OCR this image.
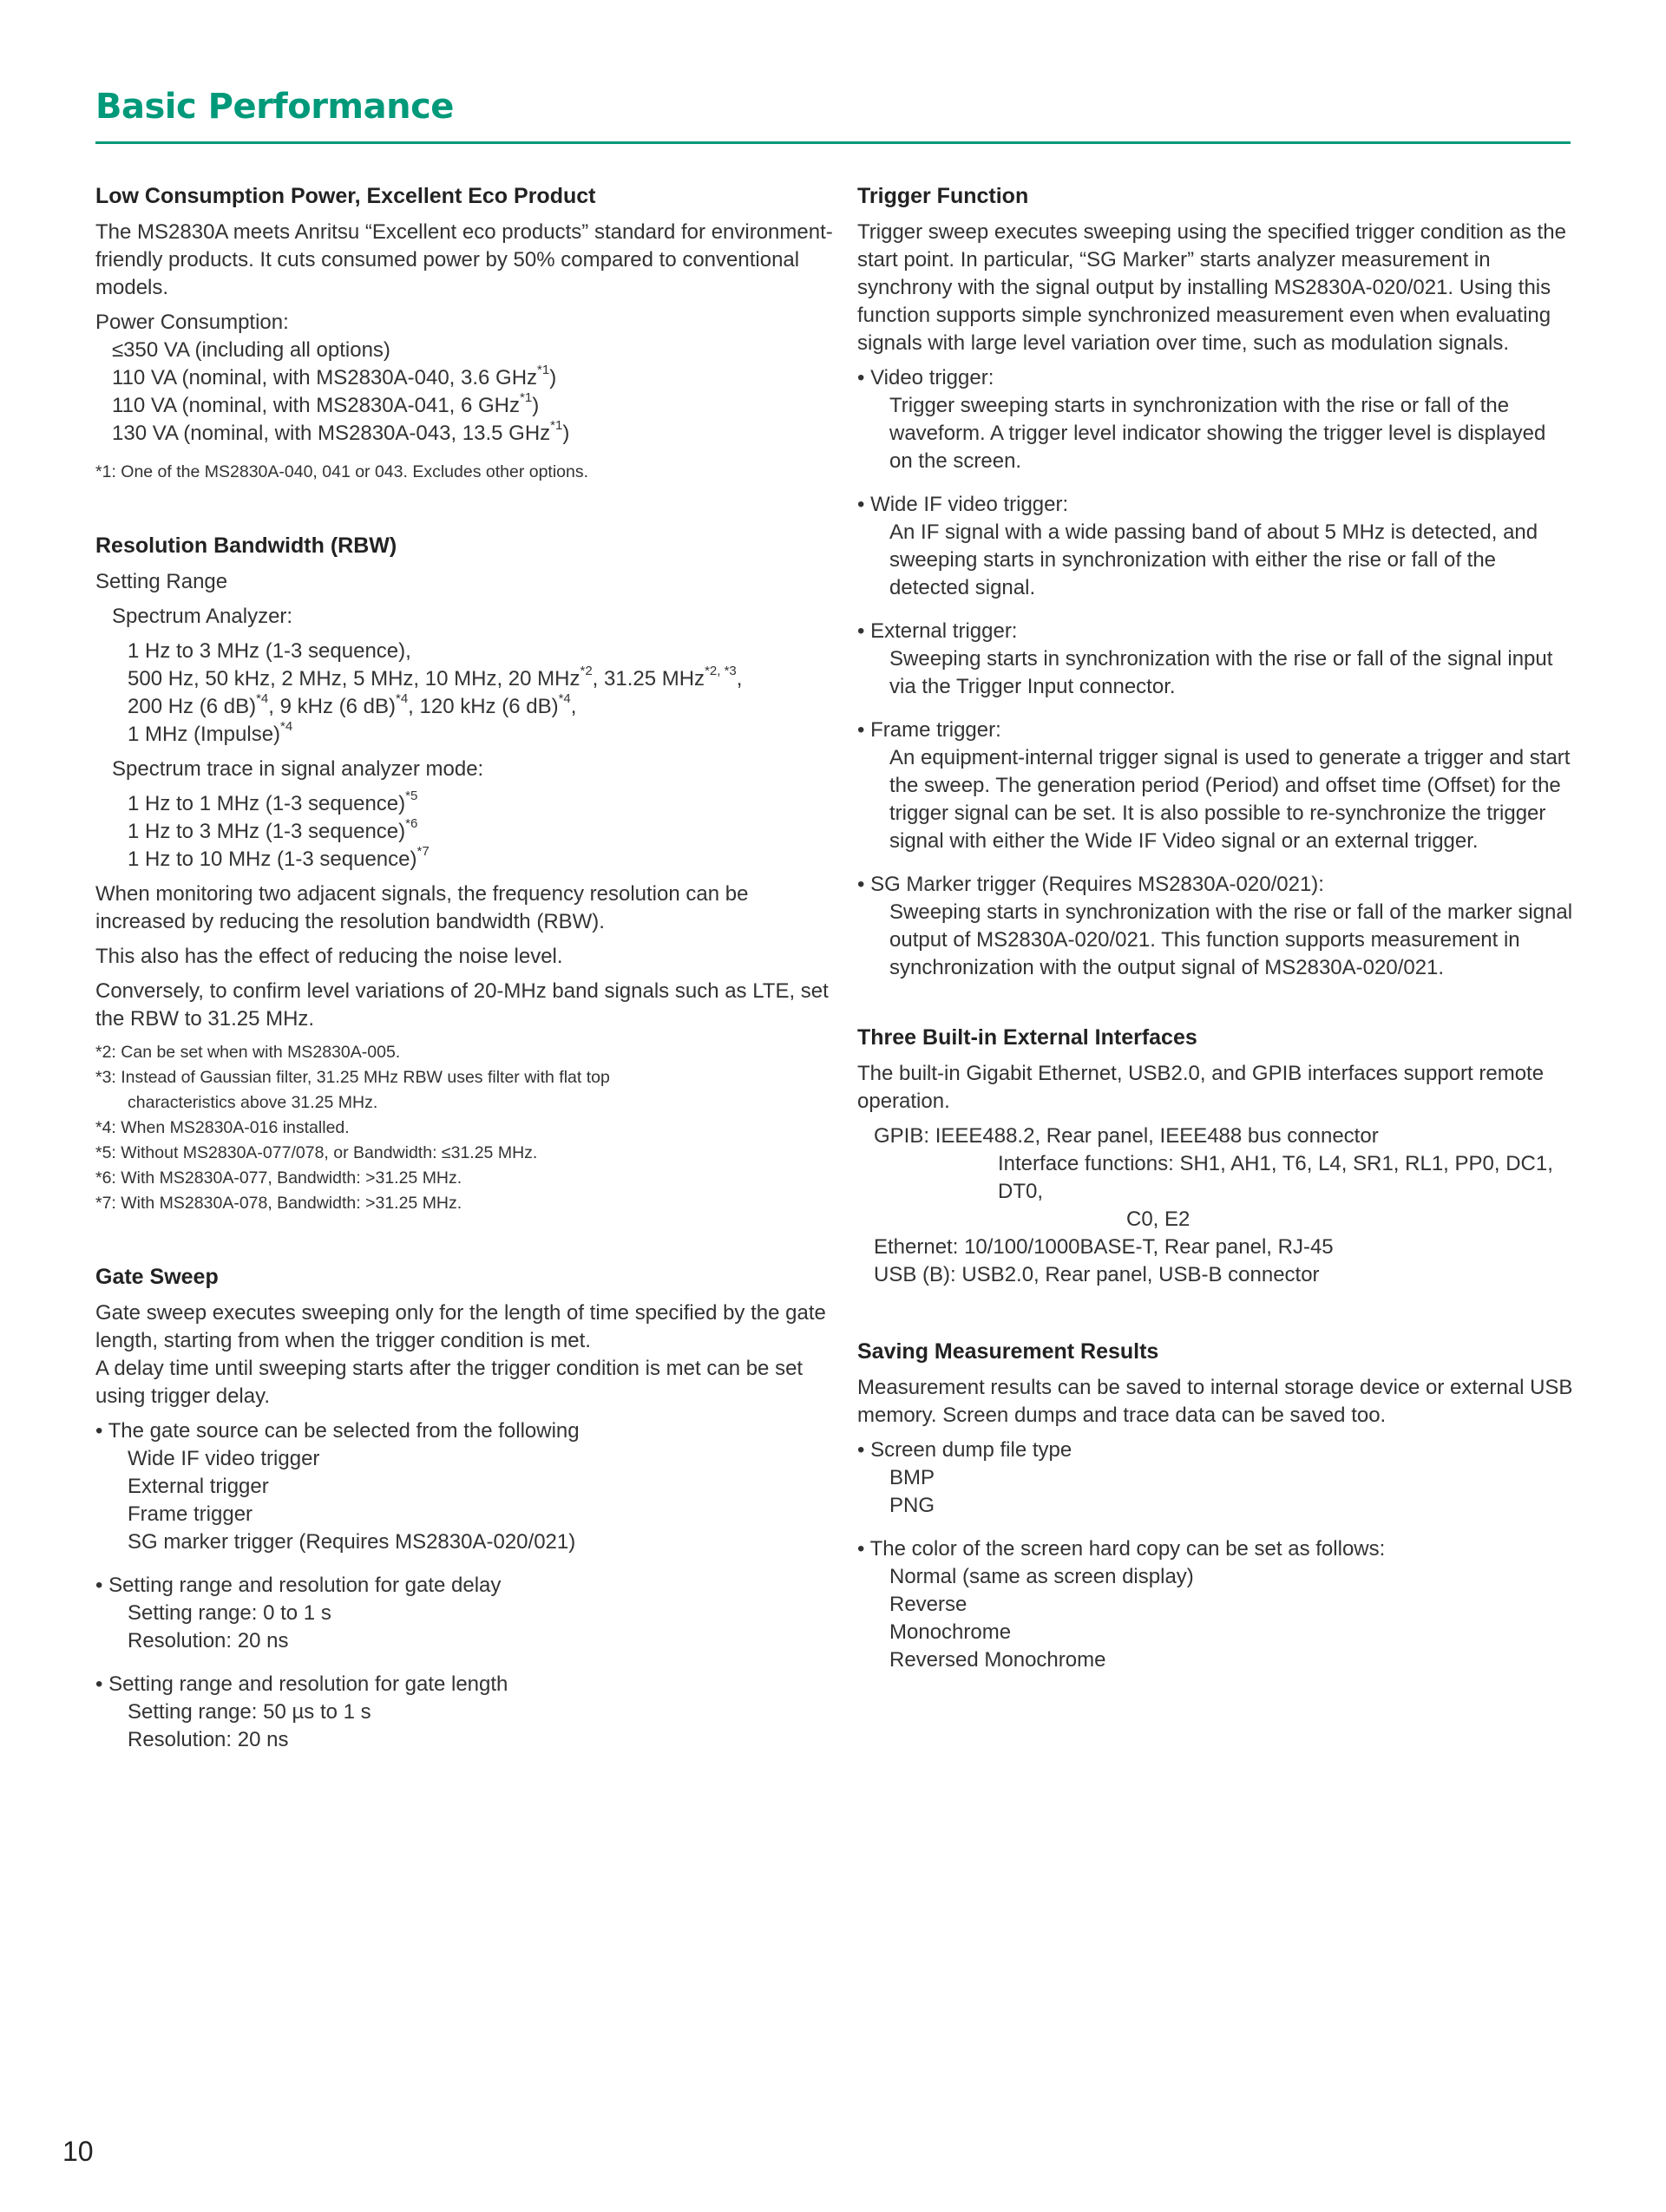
Basic Performance
Low Consumption Power, Excellent Eco Product
The MS2830A meets Anritsu “Excellent eco products” standard for environment-friendly products. It cuts consumed power by 50% compared to conventional models.
Power Consumption:
≤350 VA (including all options)
110 VA (nominal, with MS2830A-040, 3.6 GHz$^{*1}$)
110 VA (nominal, with MS2830A-041, 6 GHz$^{*1}$)
130 VA (nominal, with MS2830A-043, 13.5 GHz$^{*1}$)
*1: One of the MS2830A-040, 041 or 043. Excludes other options.
Resolution Bandwidth (RBW)
Setting Range
Spectrum Analyzer:
1 Hz to 3 MHz (1-3 sequence),
500 Hz, 50 kHz, 2 MHz, 5 MHz, 10 MHz, 20 MHz$^{*2}$, 31.25 MHz$^{*2, *3}$,
200 Hz (6 dB)$^{*4}$, 9 kHz (6 dB)$^{*4}$, 120 kHz (6 dB)$^{*4}$,
1 MHz (Impulse)$^{*4}$
Spectrum trace in signal analyzer mode:
1 Hz to 1 MHz (1-3 sequence)$^{*5}$
1 Hz to 3 MHz (1-3 sequence)$^{*6}$
1 Hz to 10 MHz (1-3 sequence)$^{*7}$
When monitoring two adjacent signals, the frequency resolution can be increased by reducing the resolution bandwidth (RBW).
This also has the effect of reducing the noise level.
Conversely, to confirm level variations of 20-MHz band signals such as LTE, set the RBW to 31.25 MHz.
*2: Can be set when with MS2830A-005.
*3: Instead of Gaussian filter, 31.25 MHz RBW uses filter with flat top
characteristics above 31.25 MHz.
*4: When MS2830A-016 installed.
*5: Without MS2830A-077/078, or Bandwidth: ≤31.25 MHz.
*6: With MS2830A-077, Bandwidth: >31.25 MHz.
*7: With MS2830A-078, Bandwidth: >31.25 MHz.
Gate Sweep
Gate sweep executes sweeping only for the length of time specified by the gate length, starting from when the trigger condition is met.
A delay time until sweeping starts after the trigger condition is met can be set using trigger delay.
• The gate source can be selected from the following
Wide IF video trigger
External trigger
Frame trigger
SG marker trigger (Requires MS2830A-020/021)
• Setting range and resolution for gate delay
Setting range: 0 to 1 s
Resolution: 20 ns
• Setting range and resolution for gate length
Setting range: 50 µs to 1 s
Resolution: 20 ns
Trigger Function
Trigger sweep executes sweeping using the specified trigger condition as the start point. In particular, “SG Marker” starts analyzer measurement in synchrony with the signal output by installing MS2830A-020/021. Using this function supports simple synchronized measurement even when evaluating signals with large level variation over time, such as modulation signals.
• Video trigger:
Trigger sweeping starts in synchronization with the rise or fall of the waveform. A trigger level indicator showing the trigger level is displayed on the screen.
• Wide IF video trigger:
An IF signal with a wide passing band of about 5 MHz is detected, and sweeping starts in synchronization with either the rise or fall of the detected signal.
• External trigger:
Sweeping starts in synchronization with the rise or fall of the signal input via the Trigger Input connector.
• Frame trigger:
An equipment-internal trigger signal is used to generate a trigger and start the sweep. The generation period (Period) and offset time (Offset) for the trigger signal can be set. It is also possible to re-synchronize the trigger signal with either the Wide IF Video signal or an external trigger.
• SG Marker trigger (Requires MS2830A-020/021):
Sweeping starts in synchronization with the rise or fall of the marker signal output of MS2830A-020/021. This function supports measurement in synchronization with the output signal of MS2830A-020/021.
Three Built-in External Interfaces
The built-in Gigabit Ethernet, USB2.0, and GPIB interfaces support remote operation.
GPIB: IEEE488.2, Rear panel, IEEE488 bus connector
Interface functions: SH1, AH1, T6, L4, SR1, RL1, PP0, DC1, DT0,
C0, E2
Ethernet: 10/100/1000BASE-T, Rear panel, RJ-45
USB (B): USB2.0, Rear panel, USB-B connector
Saving Measurement Results
Measurement results can be saved to internal storage device or external USB memory. Screen dumps and trace data can be saved too.
• Screen dump file type
BMP
PNG
• The color of the screen hard copy can be set as follows:
Normal (same as screen display)
Reverse
Monochrome
Reversed Monochrome
10
